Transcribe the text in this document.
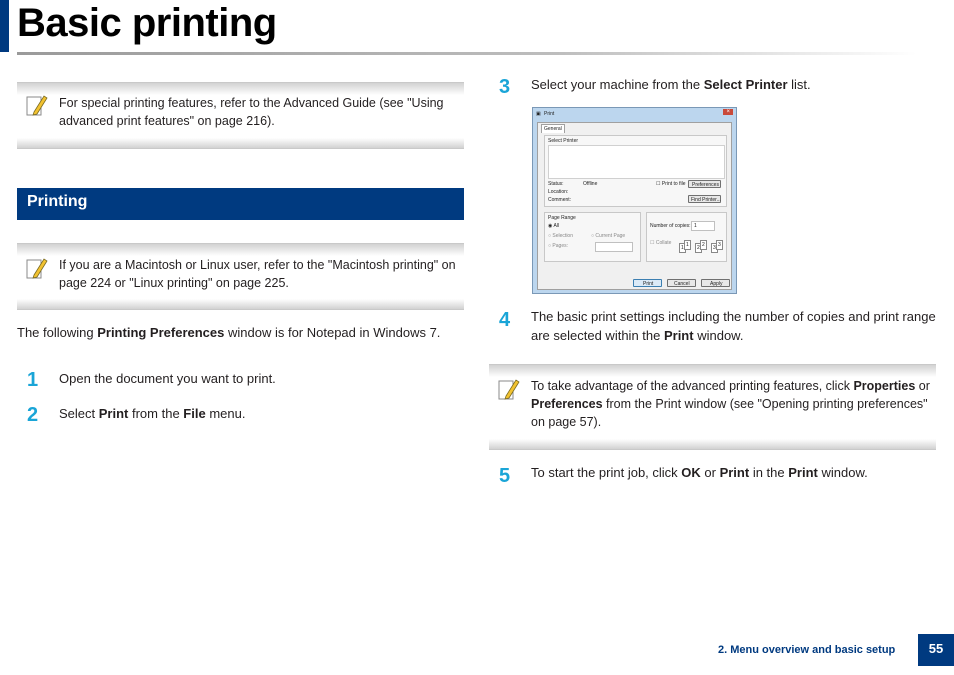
Basic printing
For special printing features, refer to the Advanced Guide (see "Using advanced print features" on page 216).
Printing
If you are a Macintosh or Linux user, refer to the "Macintosh printing" on page 224 or "Linux printing" on page 225.
The following Printing Preferences window is for Notepad in Windows 7.
1 Open the document you want to print.
2 Select Print from the File menu.
3 Select your machine from the Select Printer list.
▣ Print	×
General
Select Printer
Status:	Offline
Location:
Comment:
☐ Print to file Preferences
Find Printer...
Page Range
◉ All
○ Selection	○ Current Page
○ Pages:
Number of copies: 1
☐ Collate
1 1	2 2	3 3
Print	Cancel	Apply
4 The basic print settings including the number of copies and print range are selected within the Print window.
To take advantage of the advanced printing features, click Properties or Preferences from the Print window (see "Opening printing preferences" on page 57).
5 To start the print job, click OK or Print in the Print window.
2. Menu overview and basic setup	55
